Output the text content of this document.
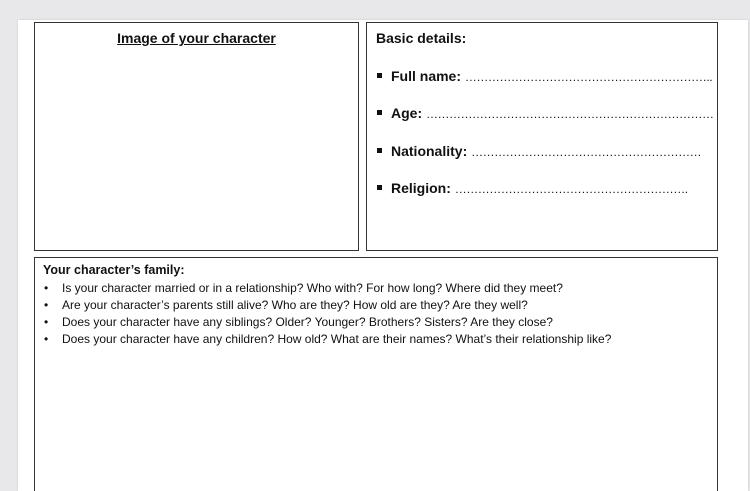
Image of your character	Basic details:
Full name: ………………………………………………………..
Age: …………………………………………………………………
Nationality: ……………………………………………………
Religion: …………………………………………………….
Your character’s family:
•	Is your character married or in a relationship? Who with? For how long? Where did they meet?
•	Are your character’s parents still alive? Who are they? How old are they? Are they well?
•	Does your character have any siblings? Older? Younger? Brothers? Sisters? Are they close?
•	Does your character have any children? How old? What are their names? What’s their relationship like?
